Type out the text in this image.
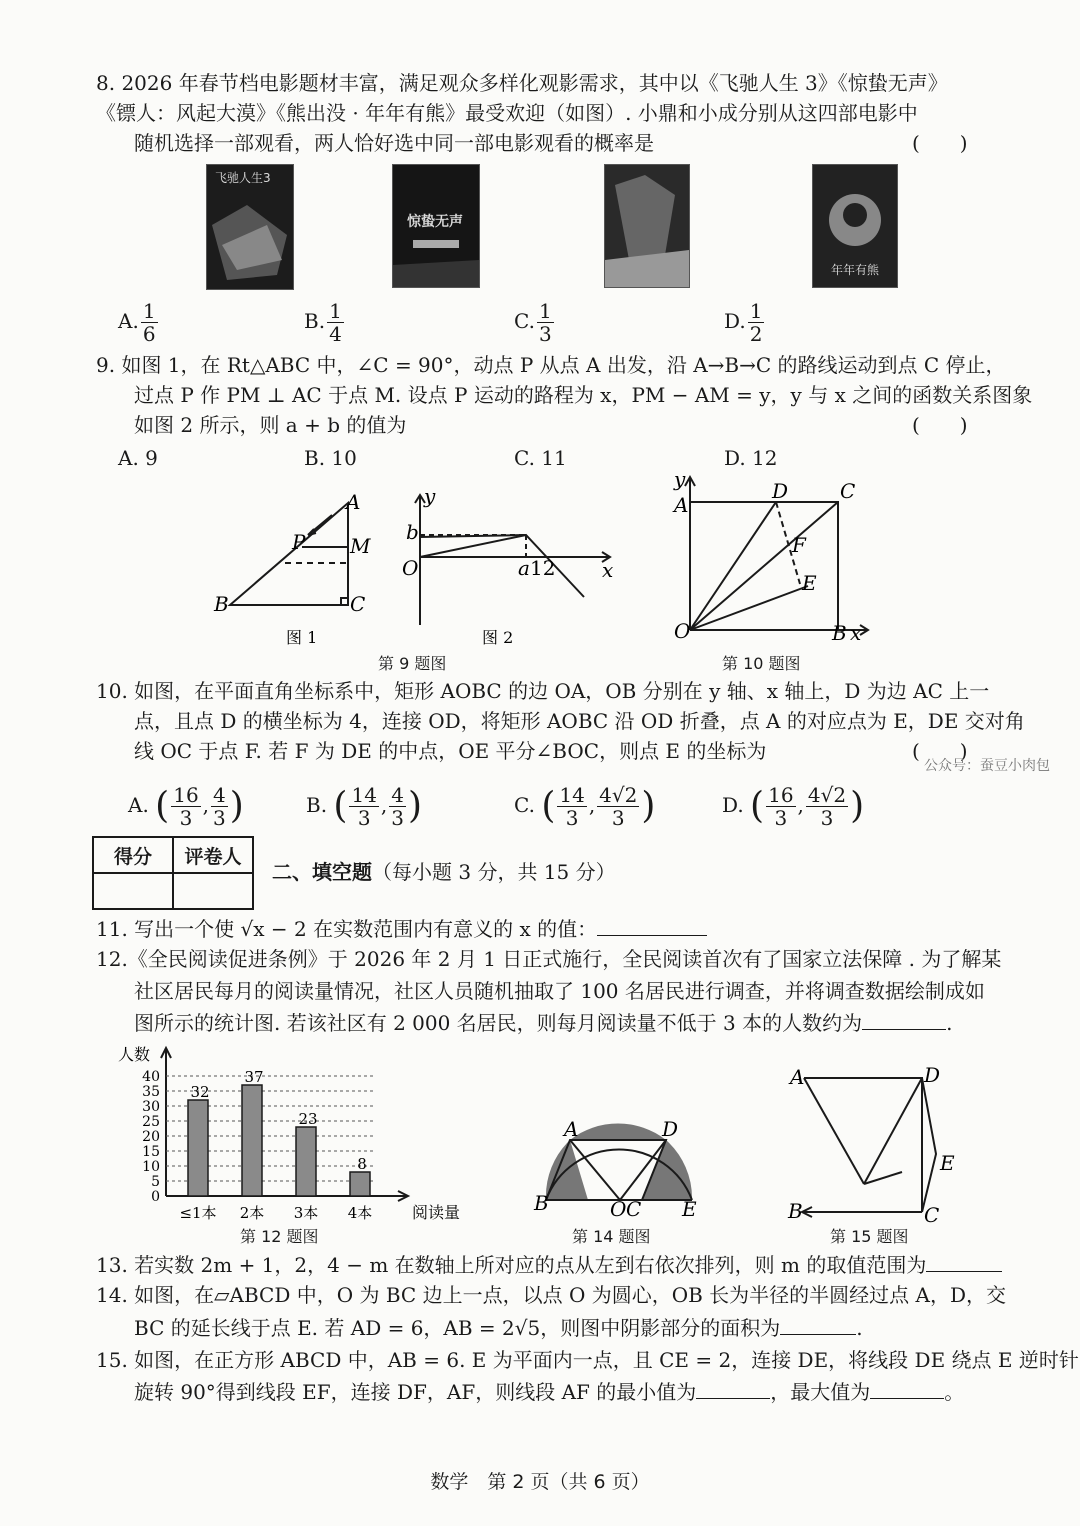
8. 2026 年春节档电影题材丰富，满足观众多样化观影需求，其中以《飞驰人生 3》《惊蛰无声》
《镖人：风起大漠》《熊出没 · 年年有熊》最受欢迎（如图）. 小鼎和小成分别从这四部电影中
随机选择一部观看，两人恰好选中同一部电影观看的概率是	(　　)
飞驰人生3
惊蛰无声
年年有熊
A. $\frac{1}{6}$	B. $\frac{1}{4}$	C. $\frac{1}{3}$	D. $\frac{1}{2}$
9. 如图 1，在 Rt△ABC 中，∠C = 90°，动点 P 从点 A 出发，沿 A→B→C 的路线运动到点 C 停止，
过点 P 作 PM ⊥ AC 于点 M. 设点 P 运动的路程为 x，PM − AM = y，y 与 x 之间的函数关系图象
如图 2 所示，则 a + b 的值为	(　　)
A. 9	B. 10	C. 11	D. 12
A
B	C
P M
y
x
O
b
a 12
图 1	图 2
第 9 题图
y
A
D	C
F
E
O	B x
第 10 题图
10. 如图，在平面直角坐标系中，矩形 AOBC 的边 OA，OB 分别在 y 轴、x 轴上，D 为边 AC 上一
点，且点 D 的横坐标为 4，连接 OD，将矩形 AOBC 沿 OD 折叠，点 A 的对应点为 E，DE 交对角
线 OC 于点 F. 若 F 为 DE 的中点，OE 平分∠BOC，则点 E 的坐标为	(　　)
公众号：蚕豆小肉包
A. ( $\frac{16}{3}$ , $\frac{4}{3}$ )	B. ( $\frac{14}{3}$ , $\frac{4}{3}$ )	C. ( $\frac{14}{3}$ , $\frac{4√2}{3}$ )	D. ( $\frac{16}{3}$ , $\frac{4√2}{3}$ )
得分	评卷人

二、填空题（每小题 3 分，共 15 分）
11. 写出一个使 √x − 2 在实数范围内有意义的 x 的值：
12.《全民阅读促进条例》于 2026 年 2 月 1 日正式施行，全民阅读首次有了国家立法保障 . 为了解某
社区居民每月的阅读量情况，社区人员随机抽取了 100 名居民进行调查，并将调查数据绘制成如
图所示的统计图. 若该社区有 2 000 名居民，则每月阅读量不低于 3 本的人数约为	.
人数
阅读量
0
5
10
15
20
25
30
35
40
32
≤1本
37
2本
23
3本
8
4本
第 12 题图
A	D
B	O C E
第 14 题图
A	D
E
B	C
第 15 题图
13. 若实数 2m + 1，2，4 − m 在数轴上所对应的点从左到右依次排列，则 m 的取值范围为
14. 如图，在▱ABCD 中，O 为 BC 边上一点，以点 O 为圆心，OB 长为半径的半圆经过点 A，D，交
BC 的延长线于点 E. 若 AD = 6，AB = 2√5，则图中阴影部分的面积为	.
15. 如图，在正方形 ABCD 中，AB = 6. E 为平面内一点，且 CE = 2，连接 DE，将线段 DE 绕点 E 逆时针
旋转 90°得到线段 EF，连接 DF，AF，则线段 AF 的最小值为	，最大值为	。
数学　第 2 页（共 6 页）
